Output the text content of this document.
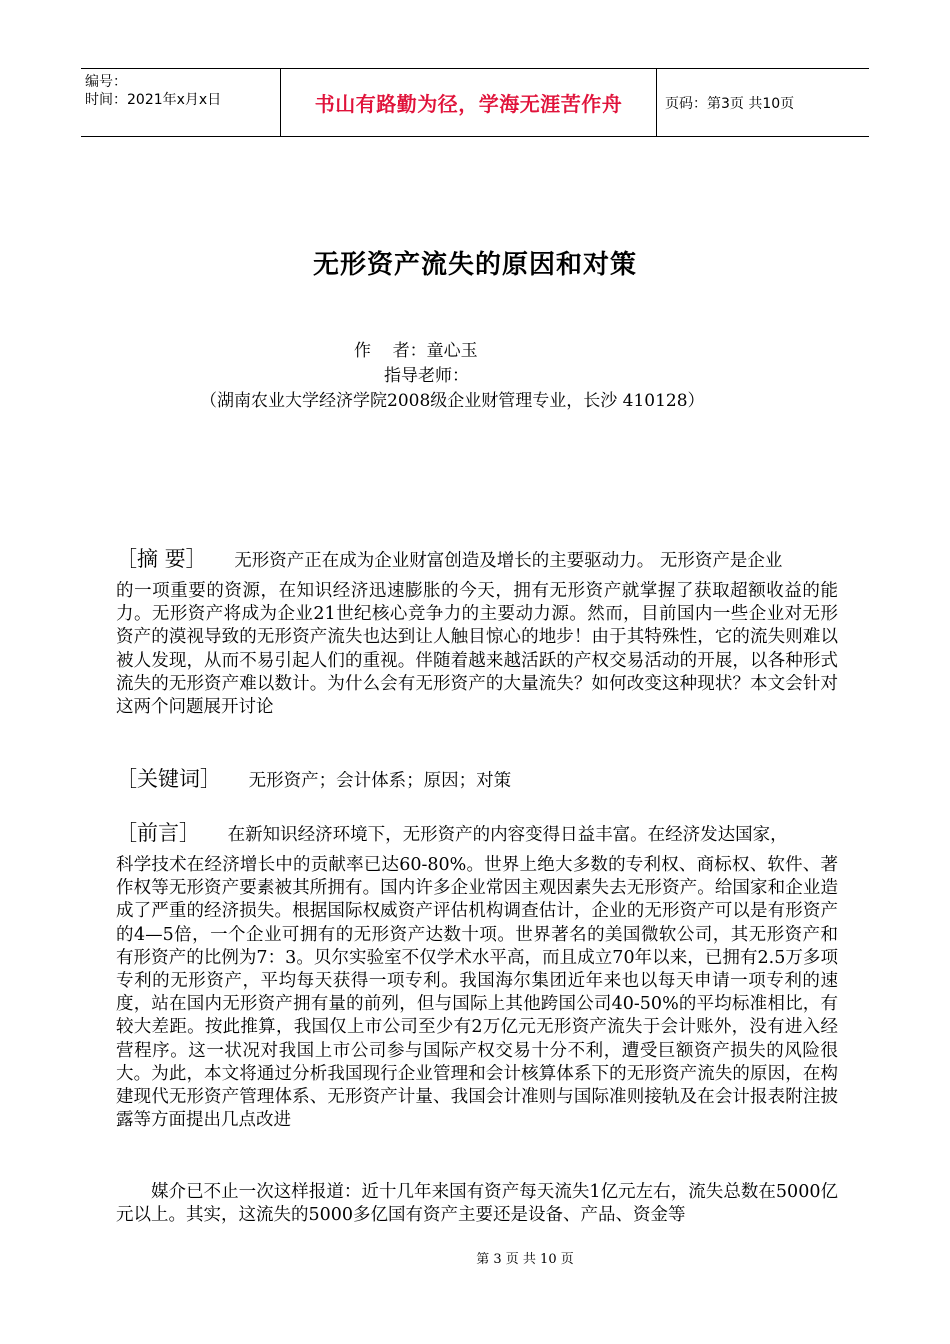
编号：
时间：2021年x月x日	书山有路勤为径，学海无涯苦作舟	页码：第3页 共10页
无形资产流失的原因和对策
作    者：童心玉
指导老师：
（湖南农业大学经济学院2008级企业财管理专业，长沙 410128）
［摘 要］ 无形资产正在成为企业财富创造及增长的主要驱动力。 无形资产是企业
的一项重要的资源，在知识经济迅速膨胀的今天，拥有无形资产就掌握了获取超额收益的能力。无形资产将成为企业21世纪核心竞争力的主要动力源。然而，目前国内一些企业对无形资产的漠视导致的无形资产流失也达到让人触目惊心的地步！由于其特殊性，它的流失则难以被人发现，从而不易引起人们的重视。伴随着越来越活跃的产权交易活动的开展，以各种形式流失的无形资产难以数计。为什么会有无形资产的大量流失？如何改变这种现状？本文会针对这两个问题展开讨论
［关键词］ 无形资产；会计体系；原因；对策
［前言］ 在新知识经济环境下，无形资产的内容变得日益丰富。在经济发达国家，
科学技术在经济增长中的贡献率已达60-80%。世界上绝大多数的专利权、商标权、软件、著作权等无形资产要素被其所拥有。国内许多企业常因主观因素失去无形资产。给国家和企业造成了严重的经济损失。根据国际权威资产评估机构调查估计，企业的无形资产可以是有形资产的4—5倍，一个企业可拥有的无形资产达数十项。世界著名的美国微软公司，其无形资产和有形资产的比例为7：3。贝尔实验室不仅学术水平高，而且成立70年以来，已拥有2.5万多项专利的无形资产，平均每天获得一项专利。我国海尔集团近年来也以每天申请一项专利的速度，站在国内无形资产拥有量的前列，但与国际上其他跨国公司40-50%的平均标准相比，有较大差距。按此推算，我国仅上市公司至少有2万亿元无形资产流失于会计账外，没有进入经营程序。这一状况对我国上市公司参与国际产权交易十分不利，遭受巨额资产损失的风险很大。为此，本文将通过分析我国现行企业管理和会计核算体系下的无形资产流失的原因，在构建现代无形资产管理体系、无形资产计量、我国会计准则与国际准则接轨及在会计报表附注披露等方面提出几点改进
媒介已不止一次这样报道：近十几年来国有资产每天流失1亿元左右，流失总数在5000亿元以上。其实，这流失的5000多亿国有资产主要还是设备、产品、资金等
第 3 页 共 10 页
